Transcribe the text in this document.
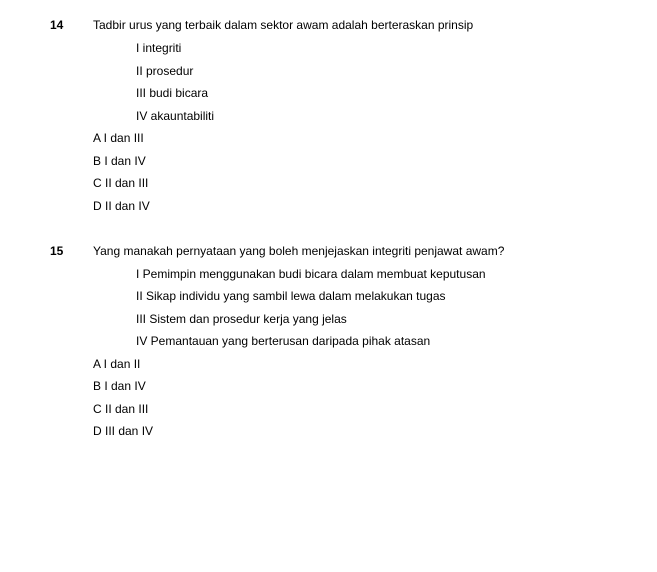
14 Tadbir urus yang terbaik dalam sektor awam adalah berteraskan prinsip
I integriti
II prosedur
III budi bicara
IV akauntabiliti
A I dan III
B I dan IV
C II dan III
D II dan IV
15 Yang manakah pernyataan yang boleh menjejaskan integriti penjawat awam?
I Pemimpin menggunakan budi bicara dalam membuat keputusan
II Sikap individu yang sambil lewa dalam melakukan tugas
III Sistem dan prosedur kerja yang jelas
IV Pemantauan yang berterusan daripada pihak atasan
A I dan II
B I dan IV
C II dan III
D III dan IV
